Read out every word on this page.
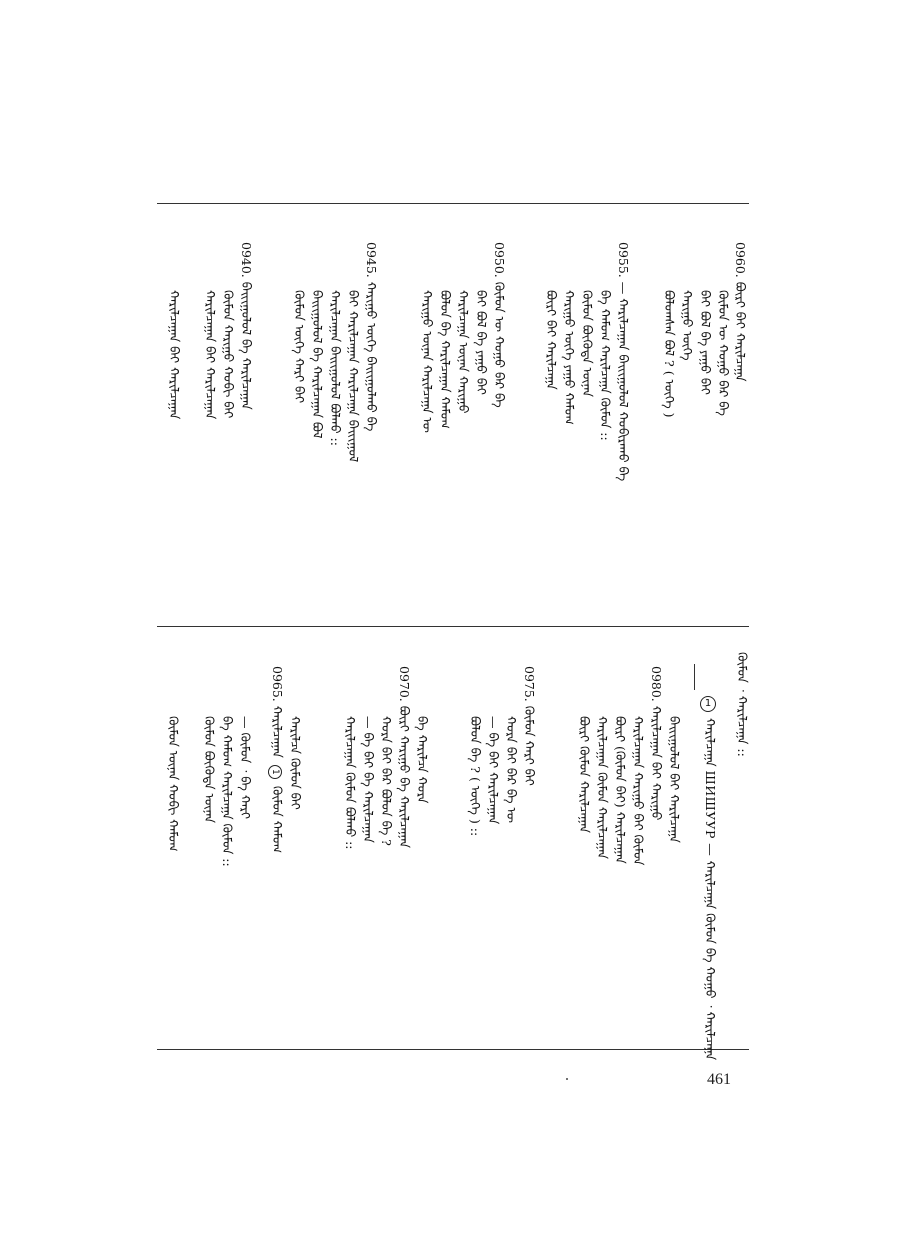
0960. ᠪᠦᠷᠢ ᠪᠠᠢ ᠬᠠᠷᠢᠯᠴᠠᠭᠠ
ᠬᠦᠮᠦᠨ ᠦ ᠬᠤᠭᠤ ᠪᠡᠷ ᠪᠡ
ᠪᠠᠢ ᠪᠤᠯ ᠪᠡ ᠶᠠᠭᠤ ᠪᠠᠢ
ᠬᠠᠷᠢᠭᠤ ᠦᠭᠡ
ᠪᠣᠯᠤᠭᠰᠠᠨ ᠪᠤᠯ ? ( ᠦᠭᠡ )
0955. — ᠬᠠᠷᠢᠯᠴᠠᠭᠠᠨ ᠪᠠᠢᠢᠭᠤᠯᠤᠯ ᠬᠤᠪᠢᠷᠠᠬᠤ ᠪᠡ
ᠪᠡ ᠬᠠᠮᠤᠭ ᠬᠠᠷᠢᠯᠴᠠᠭᠠ ᠬᠦᠮᠦᠨ ::
ᠬᠦᠮᠦᠨ ᠪᠦᠭᠦᠳᠡ ᠦᠨᠡᠨ
ᠬᠠᠷᠢᠭᠤ ᠦᠭᠡ ᠶᠠᠭᠤ ᠬᠠᠮᠤᠭ
ᠪᠦᠷᠢ ᠪᠠᠢ ᠬᠠᠷᠢᠯᠴᠠᠭᠠ
0950. ᠬᠦᠮᠦᠨ ᠦ ᠬᠤᠭᠤ ᠪᠡᠷ ᠪᠡ
ᠪᠠᠢ ᠪᠤᠯ ᠪᠡ ᠶᠠᠭᠤ ᠪᠠᠢ
ᠬᠠᠷᠢᠯᠴᠠᠭᠠ ᠦᠨᠡᠨ ᠬᠠᠷᠢᠭᠤ
ᠪᠣᠯᠤᠨ ᠪᠡ ᠬᠠᠷᠢᠯᠴᠠᠭᠠᠨ ᠬᠠᠮᠤᠭ
ᠬᠠᠷᠢᠭᠤ ᠦᠨᠡᠨ ᠬᠠᠷᠢᠯᠴᠠᠭᠠ ᠦ
0945. ᠬᠠᠷᠢᠭᠤ ᠦᠭᠡ ᠪᠠᠢᠢᠭᠤᠯᠬᠤ ᠪᠡ
ᠪᠠᠢ ᠬᠠᠷᠢᠯᠴᠠᠭᠠᠨ ᠬᠠᠷᠢᠯᠴᠠᠭᠠ ᠪᠠᠢᠢᠭᠤᠯ
ᠬᠠᠷᠢᠯᠴᠠᠭᠠᠨ ᠪᠠᠢᠢᠭᠤᠯᠤᠯ ᠪᠣᠯᠬᠤ ::
ᠪᠠᠢᠢᠭᠤᠯᠤᠯ ᠪᠡ ᠬᠠᠷᠢᠯᠴᠠᠭᠠᠨ ᠪᠣᠯ
ᠬᠦᠮᠦᠨ ᠦᠭᠡ ᠬᠠᠷᠢ ᠪᠠᠢ
0940. ᠪᠠᠢᠢᠭᠤᠯᠤᠯ ᠪᠡ ᠬᠠᠷᠢᠯᠴᠠᠭᠠᠨ
ᠬᠦᠮᠦᠨ ᠬᠠᠷᠢᠭᠤ ᠬᠤᠪᠢ ᠪᠠᠢ
ᠬᠠᠷᠢᠯᠴᠠᠭᠠᠨ ᠪᠠᠢ ᠬᠠᠷᠢᠯᠴᠠᠭᠠᠨ
ᠬᠠᠷᠢᠯᠴᠠᠭᠠᠨ ᠪᠠᠢ ᠬᠠᠷᠢᠯᠴᠠᠭᠠᠨ
ᠬᠦᠮᠦᠨ ᠂ ᠬᠠᠷᠢᠯᠴᠠᠭᠠ ::
1
ᠬᠠᠷᠢᠯᠴᠠᠭᠠ ШИШУУР — ᠬᠠᠷᠢᠯᠴᠠᠭᠠ ᠬᠦᠮᠦᠨ ᠪᠡ ᠬᠤᠭᠤ ᠂ ᠬᠠᠷᠢᠯᠴᠠᠭᠠ
ᠪᠠᠢᠢᠭᠤᠯᠤᠯ ᠪᠠᠢ ᠬᠠᠷᠢᠯᠴᠠᠭᠠ
0980. ᠬᠠᠷᠢᠯᠴᠠᠭᠠᠨ ᠪᠠᠢ ᠬᠠᠷᠢᠭᠤ
ᠬᠠᠷᠢᠯᠴᠠᠭᠠᠨ ᠬᠠᠷᠢᠭᠤ ᠪᠠᠢ ᠬᠦᠮᠦᠨ
ᠪᠦᠷᠢ (ᠬᠦᠮᠦᠨ ᠪᠠᠢ) ᠬᠠᠷᠢᠯᠴᠠᠭᠠᠨ
ᠬᠠᠷᠢᠯᠴᠠᠭᠠᠨ ᠬᠦᠮᠦᠨ ᠬᠠᠷᠢᠯᠴᠠᠭᠠᠨ
ᠪᠦᠷᠢ ᠬᠦᠮᠦᠨ ᠬᠠᠷᠢᠯᠴᠠᠭᠠᠨ
0975. ᠬᠦᠮᠦᠨ ᠬᠠᠷᠢ ᠪᠠᠢ
ᠬᠤᠷᠠ ᠪᠠᠢ ᠪᠡᠷ ᠪᠡ ᠦ
— ᠪᠡ ᠪᠠᠢ ᠬᠠᠷᠢᠯᠴᠠᠭᠠᠨ
ᠪᠣᠯᠤᠨ ᠪᠡ ? ( ᠦᠭᠡ ) ::
ᠪᠡ ᠬᠠᠷᠢᠯᠴᠠ ᠬᠤᠷᠠ
0970. ᠪᠦᠷᠢ ᠬᠠᠷᠢᠭᠤ ᠪᠡ ᠬᠠᠷᠢᠯᠴᠠᠭᠠᠨ
ᠬᠤᠷᠠ ᠪᠠᠢ ᠪᠡᠷ ᠪᠣᠯᠤᠨ ᠪᠡ ?
— ᠪᠡ ᠪᠠᠢ ᠪᠡ ᠬᠠᠷᠢᠯᠴᠠᠭᠠᠨ
ᠬᠠᠷᠢᠯᠴᠠᠭᠠᠨ ᠬᠦᠮᠦᠨ ᠪᠣᠯᠬᠤ ::
ᠬᠠᠷᠢᠯᠴᠠ ᠬᠦᠮᠦᠨ ᠪᠠᠢ
0965. ᠬᠠᠷᠢᠯᠴᠠᠭᠠᠨ 1 ᠬᠦᠮᠦᠨ ᠬᠠᠮᠤᠭ
— ᠬᠦᠮᠦᠨ ᠂ ᠪᠡ ᠬᠠᠷᠢ
ᠪᠡ ᠬᠠᠮᠤᠭ ᠬᠠᠷᠢᠯᠴᠠᠭᠠ ᠬᠦᠮᠦᠨ ::
ᠬᠦᠮᠦᠨ ᠪᠦᠭᠦᠳᠡ ᠦᠨᠡᠨ
ᠬᠦᠮᠦᠨ ᠦᠨᠡᠨ ᠬᠤᠪᠢ ᠬᠠᠮᠤᠭ
461
